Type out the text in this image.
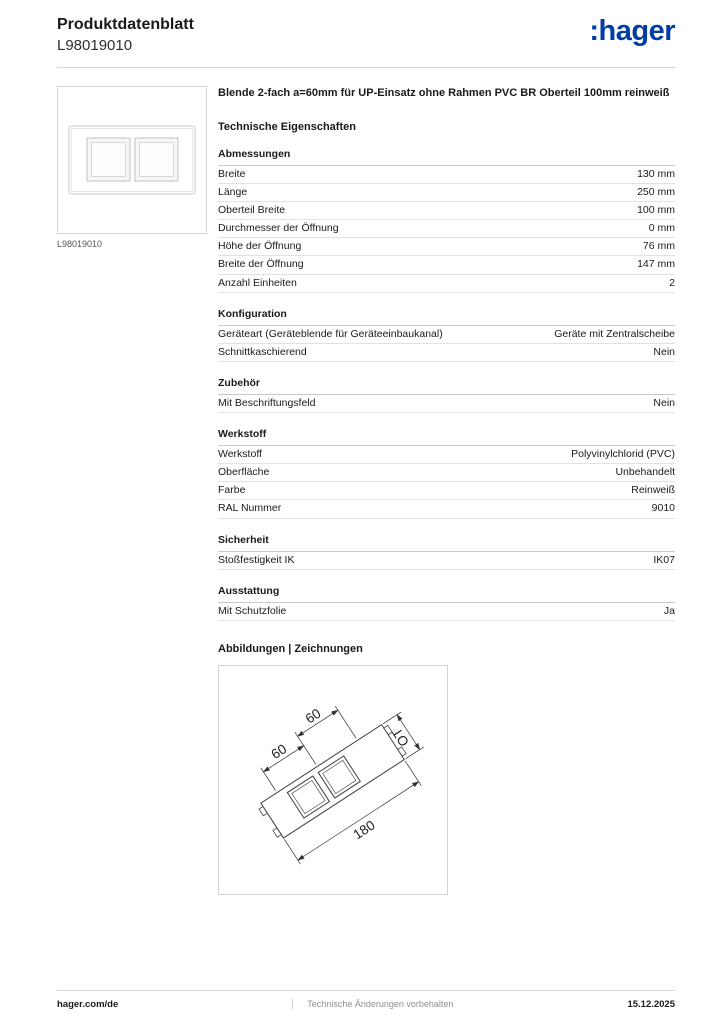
Produktdatenblatt
L98019010	:hager
L98019010

Blende 2-fach a=60mm für UP-Einsatz ohne Rahmen PVC BR Oberteil 100mm reinweiß

Technische Eigenschaften
Abmessungen
Breite	130 mm
Länge	250 mm
Oberteil Breite	100 mm
Durchmesser der Öffnung	0 mm
Höhe der Öffnung	76 mm
Breite der Öffnung	147 mm
Anzahl Einheiten	2
Konfiguration
Geräteart (Geräteblende für Geräteeinbaukanal)	Geräte mit Zentralscheibe
Schnittkaschierend	Nein
Zubehör
Mit Beschriftungsfeld	Nein
Werkstoff
Werkstoff	Polyvinylchlorid (PVC)
Oberfläche	Unbehandelt
Farbe	Reinweiß
RAL Nummer	9010
Sicherheit
Stoßfestigkeit IK	IK07
Ausstattung
Mit Schutzfolie	Ja
Abbildungen | Zeichnungen
60
60
OT
180
hager.com/de	Technische Änderungen vorbehalten	15.12.2025
